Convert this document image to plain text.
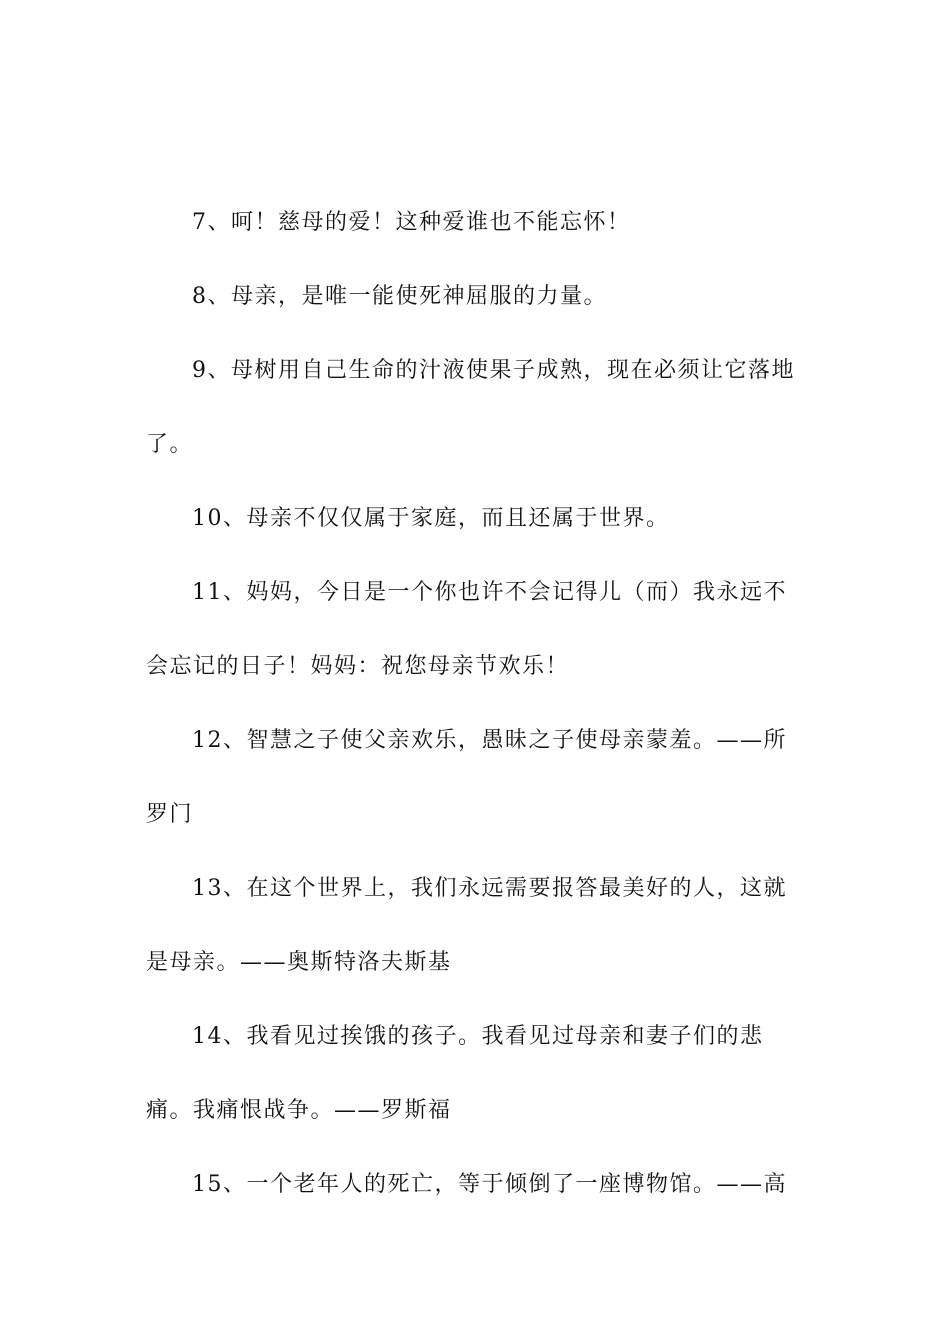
7、呵！慈母的爱！这种爱谁也不能忘怀！

8、母亲，是唯一能使死神屈服的力量。

9、母树用自己生命的汁液使果子成熟，现在必须让它落地了。

10、母亲不仅仅属于家庭，而且还属于世界。

11、妈妈，今日是一个你也许不会记得儿（而）我永远不会忘记的日子！妈妈：祝您母亲节欢乐！

12、智慧之子使父亲欢乐，愚昧之子使母亲蒙羞。——所罗门

13、在这个世界上，我们永远需要报答最美好的人，这就是母亲。——奥斯特洛夫斯基

14、我看见过挨饿的孩子。我看见过母亲和妻子们的悲痛。我痛恨战争。——罗斯福

15、一个老年人的死亡，等于倾倒了一座博物馆。——高
